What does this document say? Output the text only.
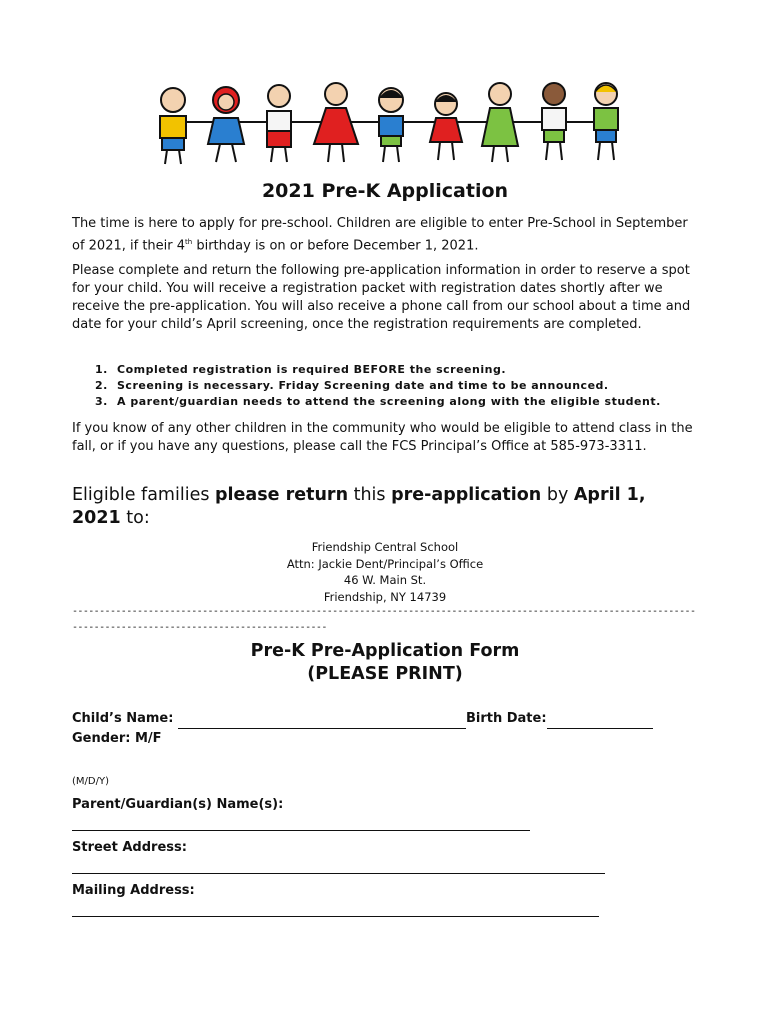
2021 Pre-K Application
The time is here to apply for pre-school. Children are eligible to enter Pre-School in September of 2021, if their 4th birthday is on or before December 1, 2021.
Please complete and return the following pre-application information in order to reserve a spot for your child. You will receive a registration packet with registration dates shortly after we receive the pre-application. You will also receive a phone call from our school about a time and date for your child’s April screening, once the registration requirements are completed.
1. Completed registration is required BEFORE the screening.
2. Screening is necessary. Friday Screening date and time to be announced.
3. A parent/guardian needs to attend the screening along with the eligible student.
If you know of any other children in the community who would be eligible to attend class in the fall, or if you have any questions, please call the FCS Principal’s Office at 585-973-3311.
Eligible families please return this pre-application by April 1, 2021 to:
Friendship Central School
Attn: Jackie Dent/Principal’s Office
46 W. Main St.
Friendship, NY 14739
------------------------------------------------------------------------------------------------------------------------------------------------------------------
Pre-K Pre-Application Form
(PLEASE PRINT)
Child’s Name:	Birth Date:
Gender: M/F
(M/D/Y)
Parent/Guardian(s) Name(s):
Street Address:
Mailing Address:
